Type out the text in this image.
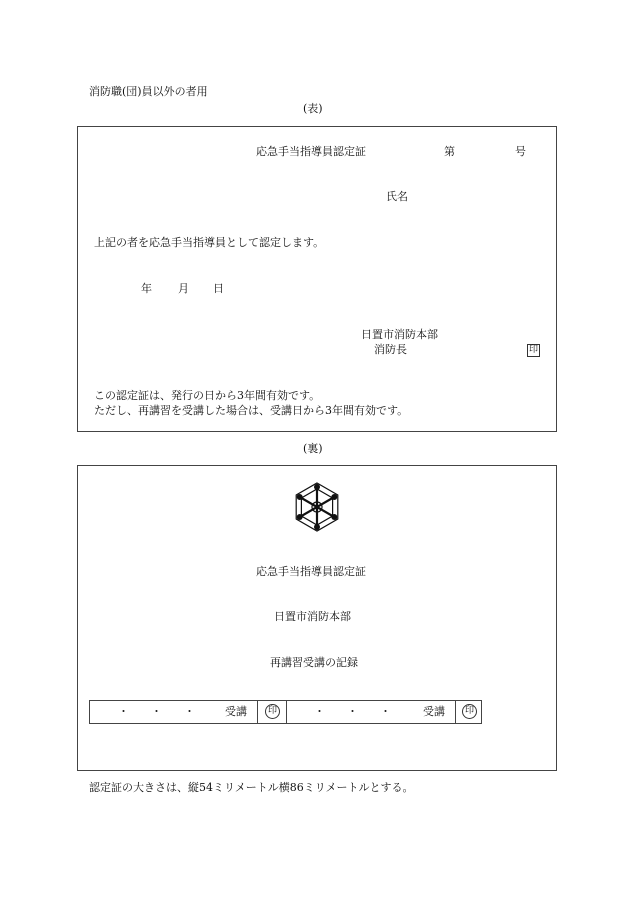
消防職(団)員以外の者用
(表)
応急手当指導員認定証	第	号
氏名
上記の者を応急手当指導員として認定します。
年 月 日
日置市消防本部
消防長	印
この認定証は、発行の日から3年間有効です。
ただし、再講習を受講した場合は、受講日から3年間有効です。
(裏)
応急手当指導員認定証
日置市消防本部
再講習受講の記録
・　　・　　・	受講	印	・　　・　　・	受講	印
認定証の大きさは、縦54ミリメートル横86ミリメートルとする。
